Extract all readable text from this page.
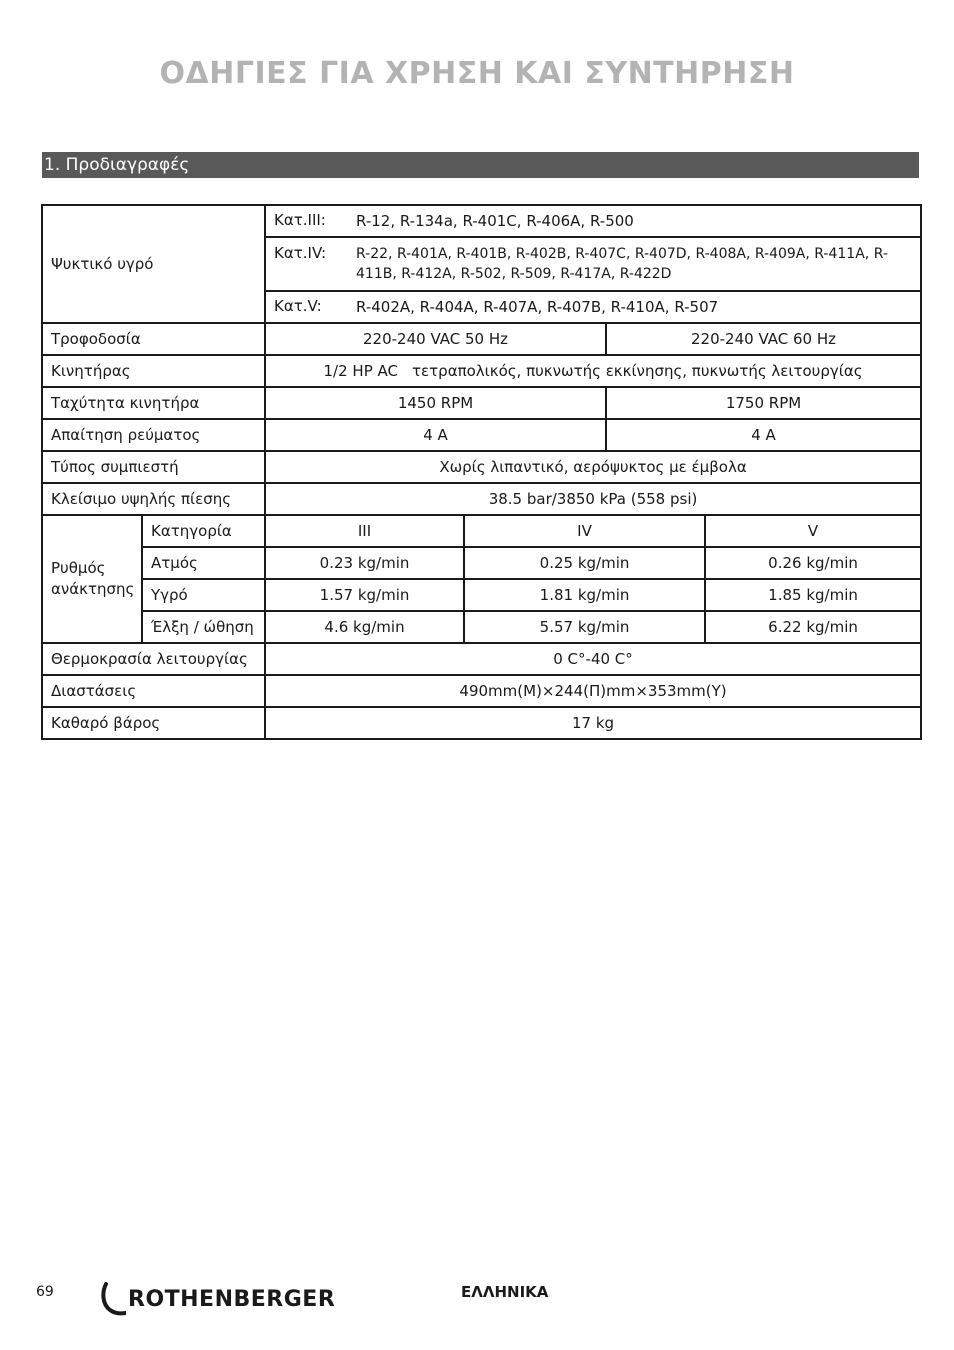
ΟΔΗΓΙΕΣ ΓΙΑ ΧΡΗΣΗ ΚΑΙ ΣΥΝΤΗΡΗΣΗ
1. Προδιαγραφές
Ψυκτικό υγρό		Κατ.III: R-12, R-134a, R-401C, R-406A, R-500			

		Κατ.IV: R-22, R-401A, R-401B, R-402B, R-407C, R-407D, R-408A, R-409A, R-411A, R-411B, R-412A, R-502, R-509, R-417A, R-422D			

		Κατ.V: R-402A, R-404A, R-407A, R-407B, R-410A, R-507			

Τροφοδοσία		220-240 VAC 50 Hz		220-240 VAC 60 Hz	
Κινητήρας		1/2 HP AC τετραπολικός, πυκνωτής εκκίνησης, πυκνωτής λειτουργίας			
Ταχύτητα κινητήρα		1450 RPM		1750 RPM	
Απαίτηση ρεύματος		4 A		4 A	
Τύπος συμπιεστή		Χωρίς λιπαντικό, αερόψυκτος με έμβολα			
Κλείσιμο υψηλής πίεσης		38.5 bar/3850 kPa (558 psi)			
Ρυθμός ανάκτησης	Κατηγορία	III	IV		V
	Ατμός	0.23 kg/min	0.25 kg/min		0.26 kg/min
	Υγρό	1.57 kg/min	1.81 kg/min		1.85 kg/min
	Έλξη / ώθηση	4.6 kg/min	5.57 kg/min		6.22 kg/min
Θερμοκρασία λειτουργίας		0 C°-40 C°			
Διαστάσεις		490mm(Μ)×244(Π)mm×353mm(Υ)			
Καθαρό βάρος		17 kg			
69	ROTHENBERGER	ΕΛΛΗΝΙΚΑ
